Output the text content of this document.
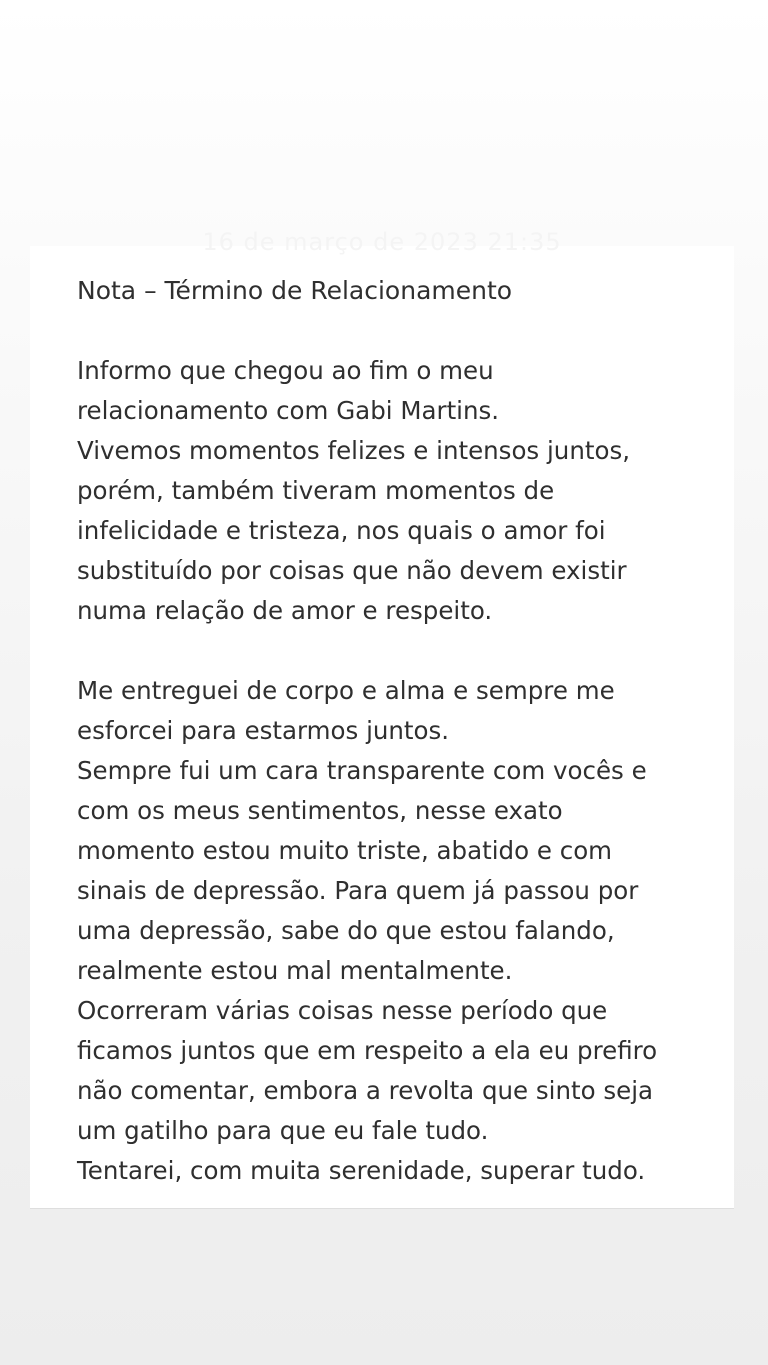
16 de março de 2023 21:35
Nota – Término de Relacionamento

Informo que chegou ao fim o meu
relacionamento com Gabi Martins.
Vivemos momentos felizes e intensos juntos,
porém, também tiveram momentos de
infelicidade e tristeza, nos quais o amor foi
substituído por coisas que não devem existir
numa relação de amor e respeito.

Me entreguei de corpo e alma e sempre me
esforcei para estarmos juntos.
Sempre fui um cara transparente com vocês e
com os meus sentimentos, nesse exato
momento estou muito triste, abatido e com
sinais de depressão. Para quem já passou por
uma depressão, sabe do que estou falando,
realmente estou mal mentalmente.
Ocorreram várias coisas nesse período que
ficamos juntos que em respeito a ela eu prefiro
não comentar, embora a revolta que sinto seja
um gatilho para que eu fale tudo.
Tentarei, com muita serenidade, superar tudo.
